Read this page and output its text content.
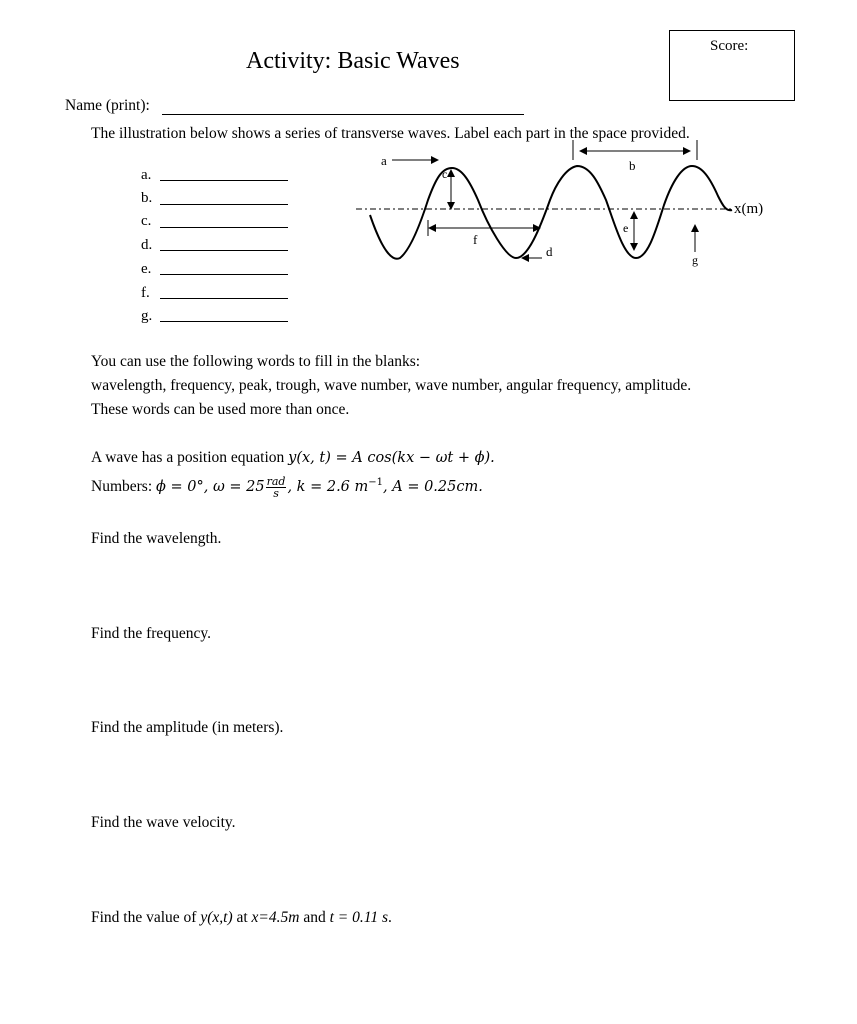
Activity: Basic Waves
Score:
Name (print):
The illustration below shows a series of transverse waves. Label each part in the space provided.
a.
b.
c.
d.
e.
f.
g.
a	b
c
f
d
e
g
x(m)
You can use the following words to fill in the blanks:
wavelength, frequency, peak, trough, wave number, wave number, angular frequency, amplitude.
These words can be used more than once.
A wave has a position equation y(x, t) = A cos(kx − ωt + ϕ).
Numbers: ϕ = 0°, $\omega = 25 \frac{\text{rad}}{s}$ , k = 2.6 $m^{-1}$, A = 0.25cm.
Find the wavelength.
Find the frequency.
Find the amplitude (in meters).
Find the wave velocity.
Find the value of y(x,t) at x=4.5m and t = 0.11 s.
